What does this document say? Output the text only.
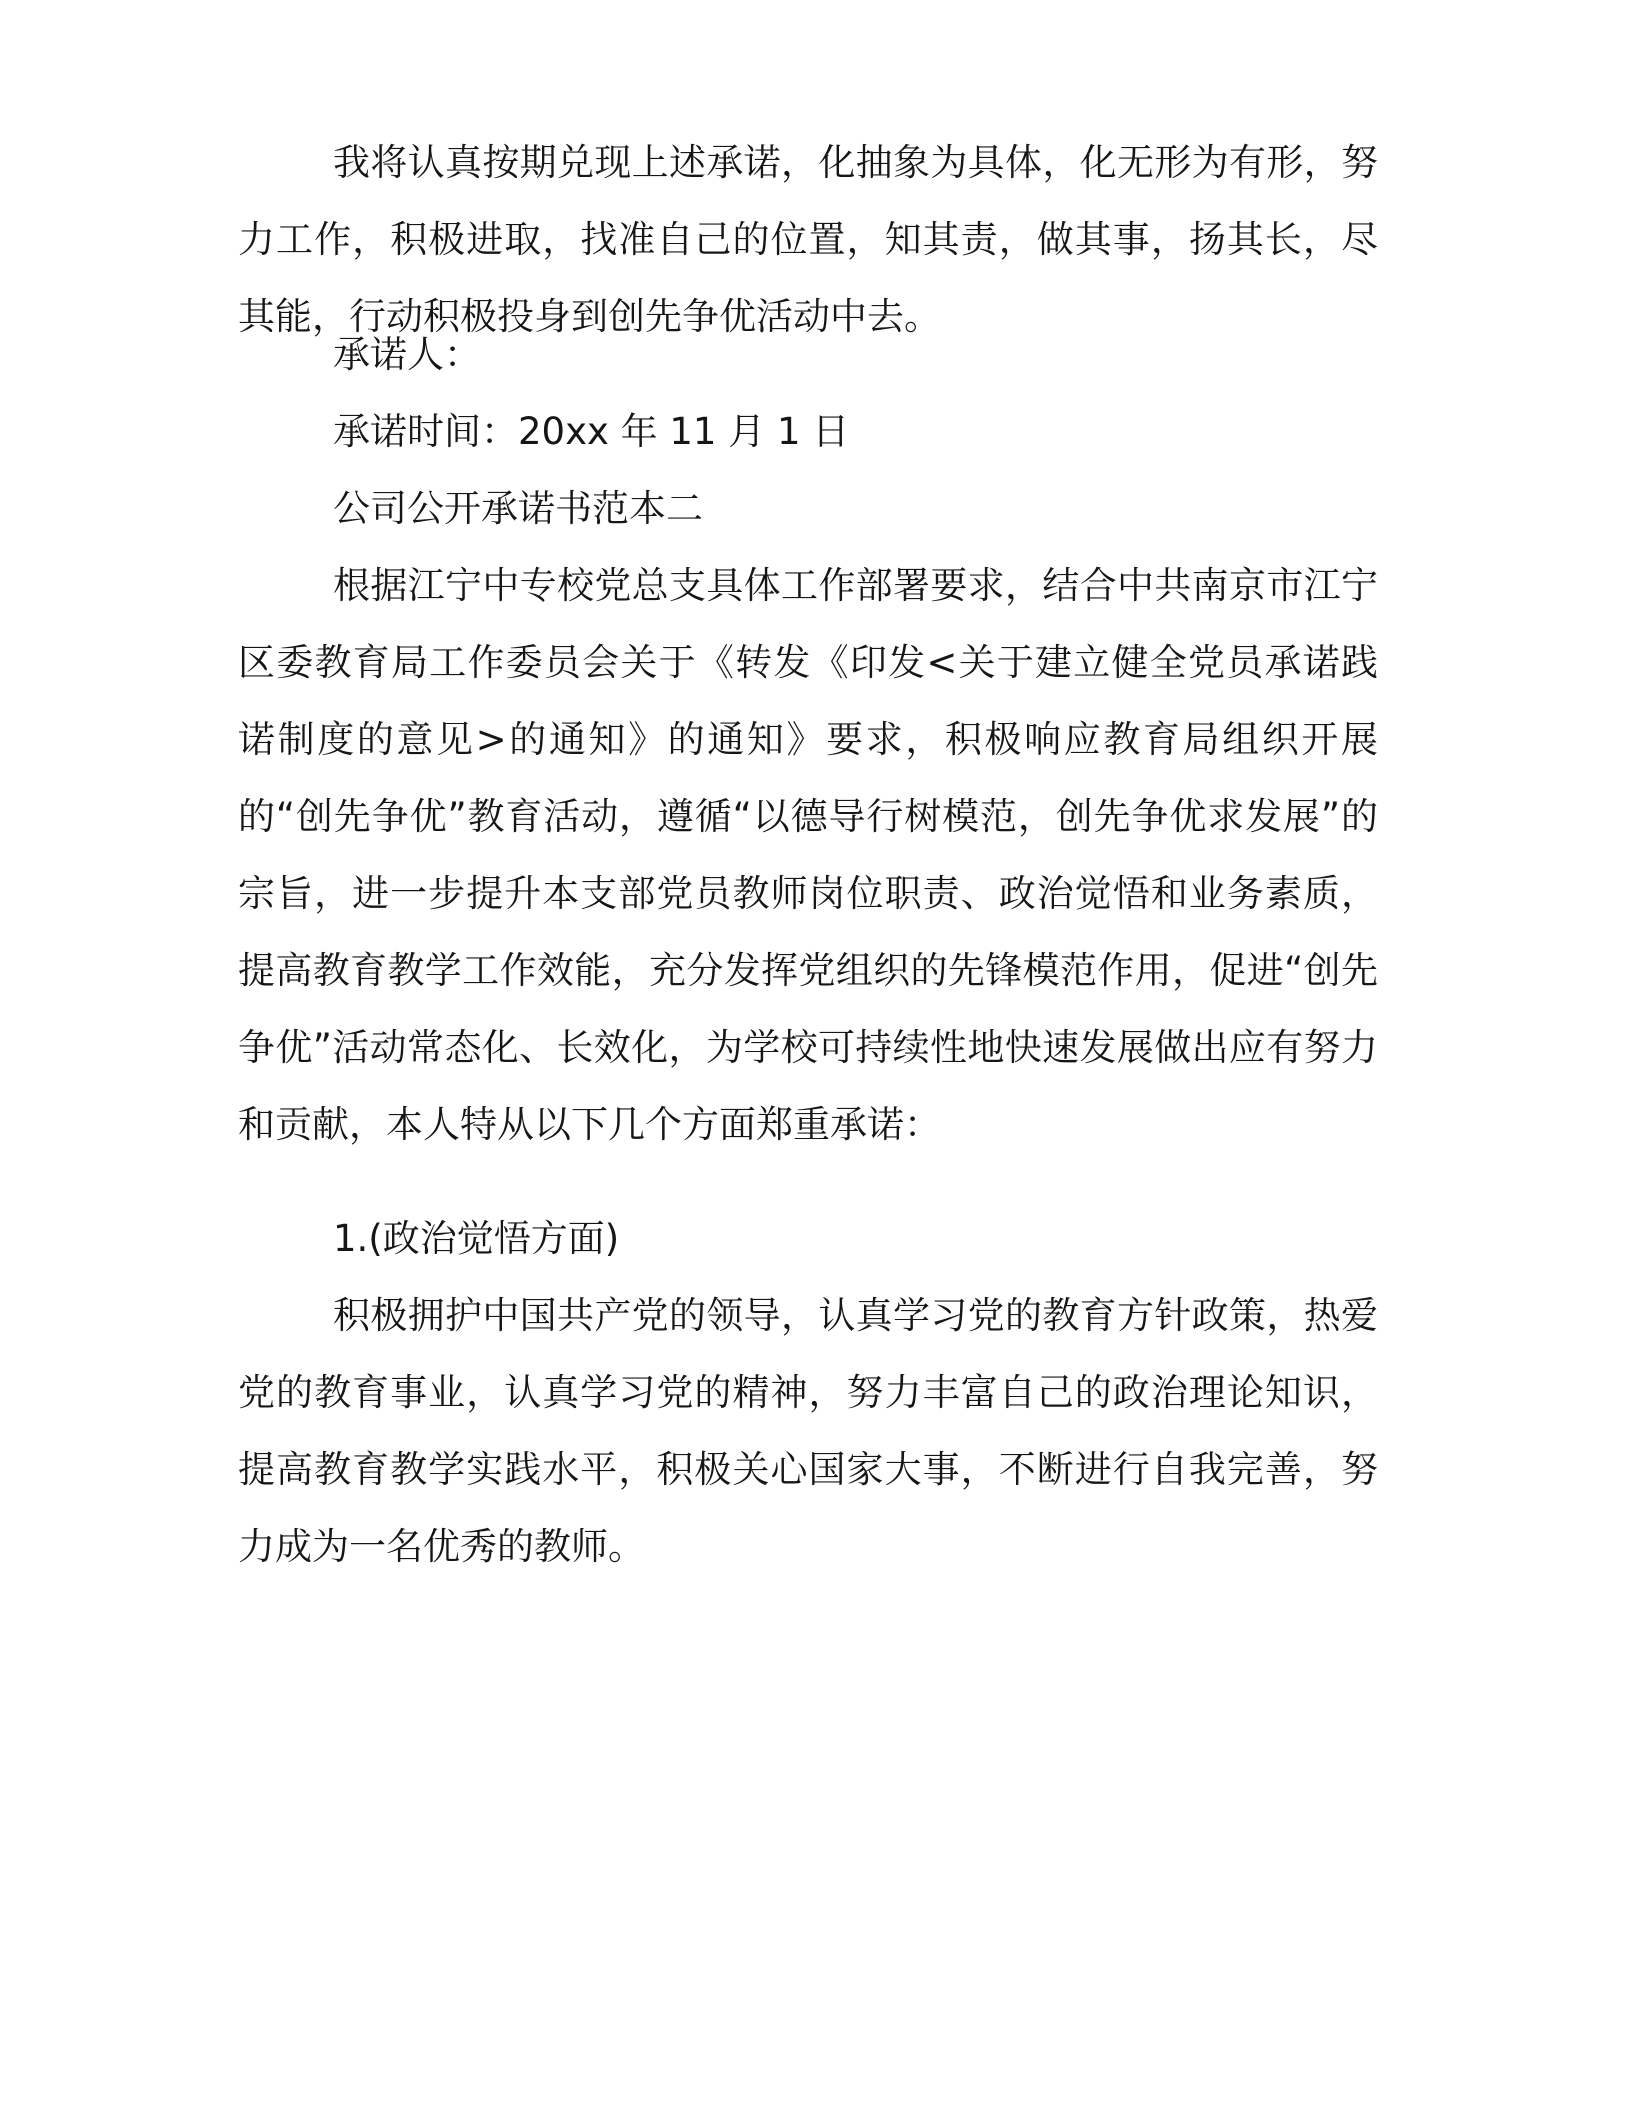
我将认真按期兑现上述承诺，化抽象为具体，化无形为有形，努力工作，积极进取，找准自己的位置，知其责，做其事，扬其长，尽其能，行动积极投身到创先争优活动中去。

承诺人：

承诺时间：20xx 年 11 月 1 日

公司公开承诺书范本二

根据江宁中专校党总支具体工作部署要求，结合中共南京市江宁区委教育局工作委员会关于《转发《印发<关于建立健全党员承诺践诺制度的意见>的通知》的通知》要求，积极响应教育局组织开展的“创先争优”教育活动，遵循“以德导行树模范，创先争优求发展”的宗旨，进一步提升本支部党员教师岗位职责、政治觉悟和业务素质，提高教育教学工作效能，充分发挥党组织的先锋模范作用，促进“创先争优”活动常态化、长效化，为学校可持续性地快速发展做出应有努力和贡献，本人特从以下几个方面郑重承诺：

1.(政治觉悟方面)

积极拥护中国共产党的领导，认真学习党的教育方针政策，热爱党的教育事业，认真学习党的精神，努力丰富自己的政治理论知识，提高教育教学实践水平，积极关心国家大事，不断进行自我完善，努力成为一名优秀的教师。
